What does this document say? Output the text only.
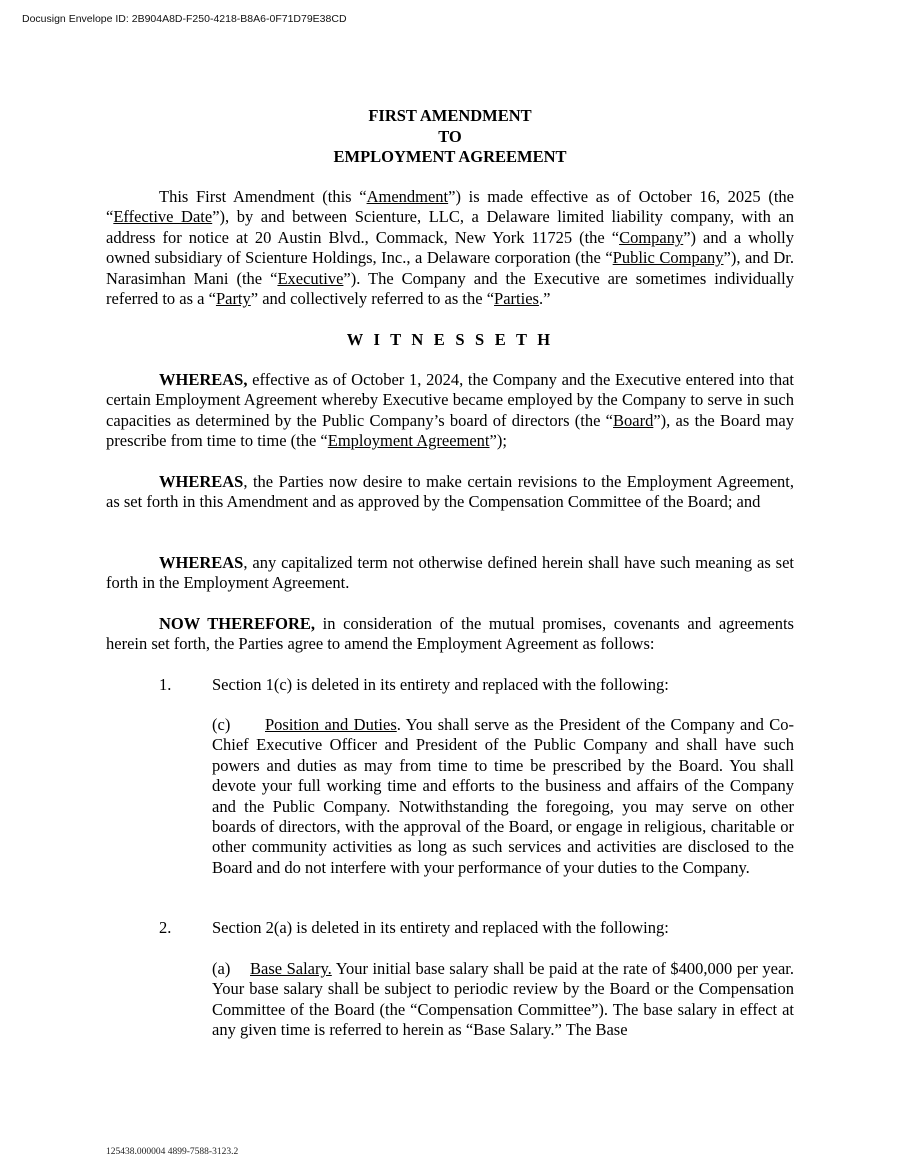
Docusign Envelope ID: 2B904A8D-F250-4218-B8A6-0F71D79E38CD
FIRST AMENDMENT
TO
EMPLOYMENT AGREEMENT
This First Amendment (this “Amendment”) is made effective as of October 16, 2025 (the “Effective Date”), by and between Scienture, LLC, a Delaware limited liability company, with an address for notice at 20 Austin Blvd., Commack, New York 11725 (the “Company”) and a wholly owned subsidiary of Scienture Holdings, Inc., a Delaware corporation (the “Public Company”), and Dr. Narasimhan Mani (the “Executive”). The Company and the Executive are sometimes individually referred to as a “Party” and collectively referred to as the “Parties.”
W I T N E S S E T H
WHEREAS, effective as of October 1, 2024, the Company and the Executive entered into that certain Employment Agreement whereby Executive became employed by the Company to serve in such capacities as determined by the Public Company’s board of directors (the “Board”), as the Board may prescribe from time to time (the “Employment Agreement”);
WHEREAS, the Parties now desire to make certain revisions to the Employment Agreement, as set forth in this Amendment and as approved by the Compensation Committee of the Board; and
WHEREAS, any capitalized term not otherwise defined herein shall have such meaning as set forth in the Employment Agreement.
NOW THEREFORE, in consideration of the mutual promises, covenants and agreements herein set forth, the Parties agree to amend the Employment Agreement as follows:
1. Section 1(c) is deleted in its entirety and replaced with the following:
(c) Position and Duties. You shall serve as the President of the Company and Co-Chief Executive Officer and President of the Public Company and shall have such powers and duties as may from time to time be prescribed by the Board. You shall devote your full working time and efforts to the business and affairs of the Company and the Public Company. Notwithstanding the foregoing, you may serve on other boards of directors, with the approval of the Board, or engage in religious, charitable or other community activities as long as such services and activities are disclosed to the Board and do not interfere with your performance of your duties to the Company.
2. Section 2(a) is deleted in its entirety and replaced with the following:
(a) Base Salary. Your initial base salary shall be paid at the rate of $400,000 per year. Your base salary shall be subject to periodic review by the Board or the Compensation Committee of the Board (the “Compensation Committee”). The base salary in effect at any given time is referred to herein as “Base Salary.” The Base
125438.000004 4899-7588-3123.2
